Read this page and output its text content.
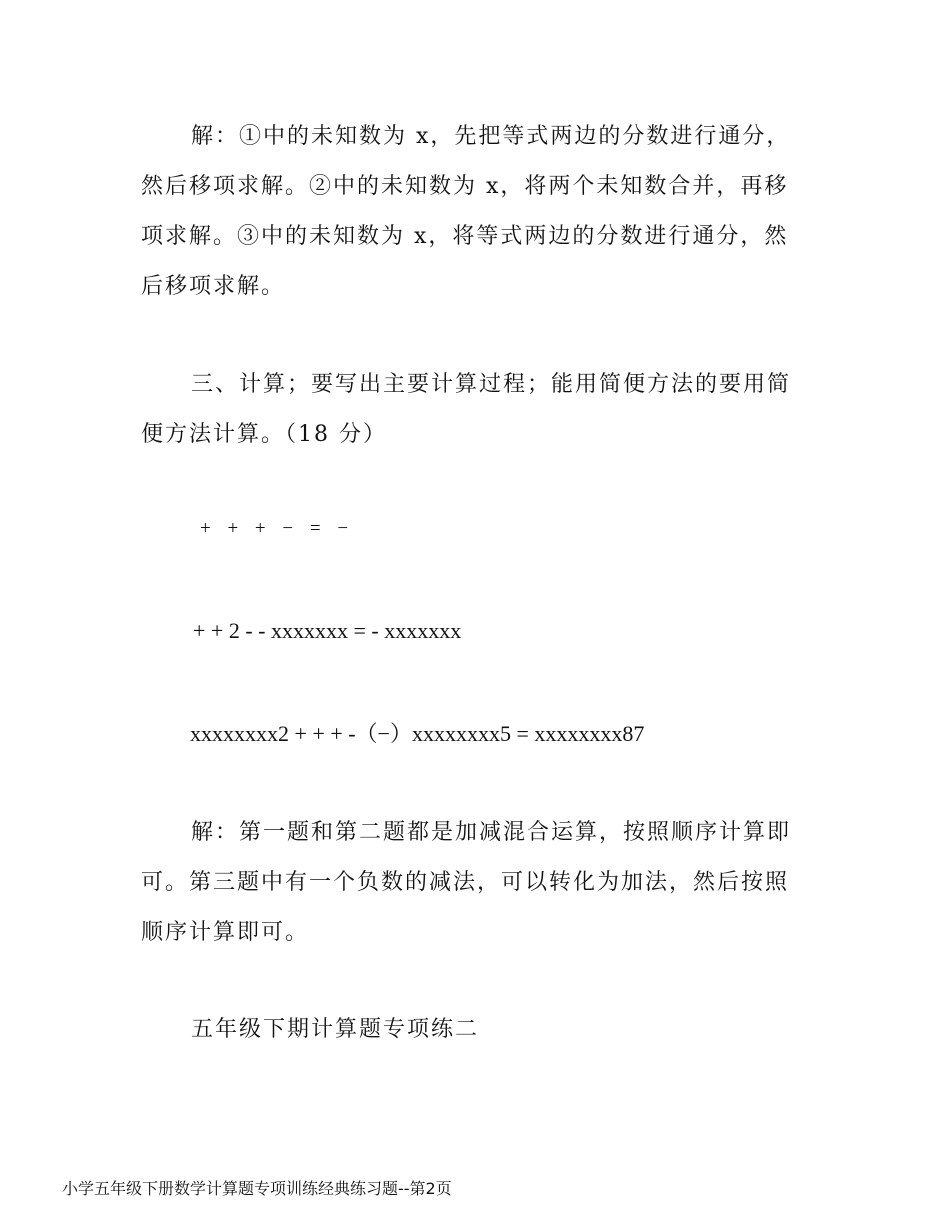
解：①中的未知数为 x，先把等式两边的分数进行通分，
然后移项求解。②中的未知数为 x，将两个未知数合并，再移
项求解。③中的未知数为 x，将等式两边的分数进行通分，然
后移项求解。
三、计算；要写出主要计算过程；能用简便方法的要用简
便方法计算。（18 分）
+ + + − = −
+ + 2 - - xxxxxxx = - xxxxxxx
xxxxxxxx2 + + + -（−）xxxxxxxx5 = xxxxxxxx87
解：第一题和第二题都是加减混合运算，按照顺序计算即
可。第三题中有一个负数的减法，可以转化为加法，然后按照
顺序计算即可。
五年级下期计算题专项练二
小学五年级下册数学计算题专项训练经典练习题--第2页
